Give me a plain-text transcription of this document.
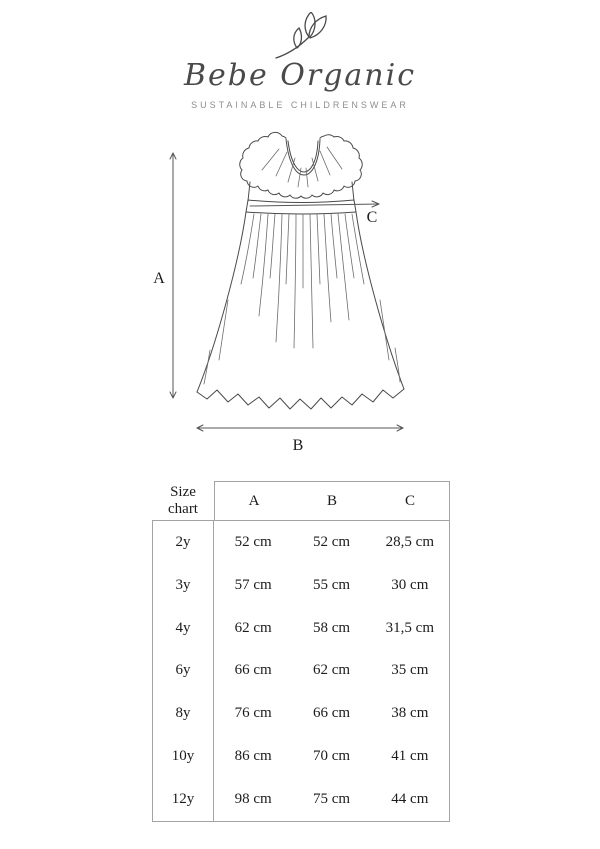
Bebe Organic
SUSTAINABLE CHILDRENSWEAR
A
B
C
Size
chart	A	B	C
2y	52 cm	52 cm	28,5 cm
3y	57 cm	55 cm	30 cm
4y	62 cm	58 cm	31,5 cm
6y	66 cm	62 cm	35 cm
8y	76 cm	66 cm	38 cm
10y	86 cm	70 cm	41 cm
12y	98 cm	75 cm	44 cm
